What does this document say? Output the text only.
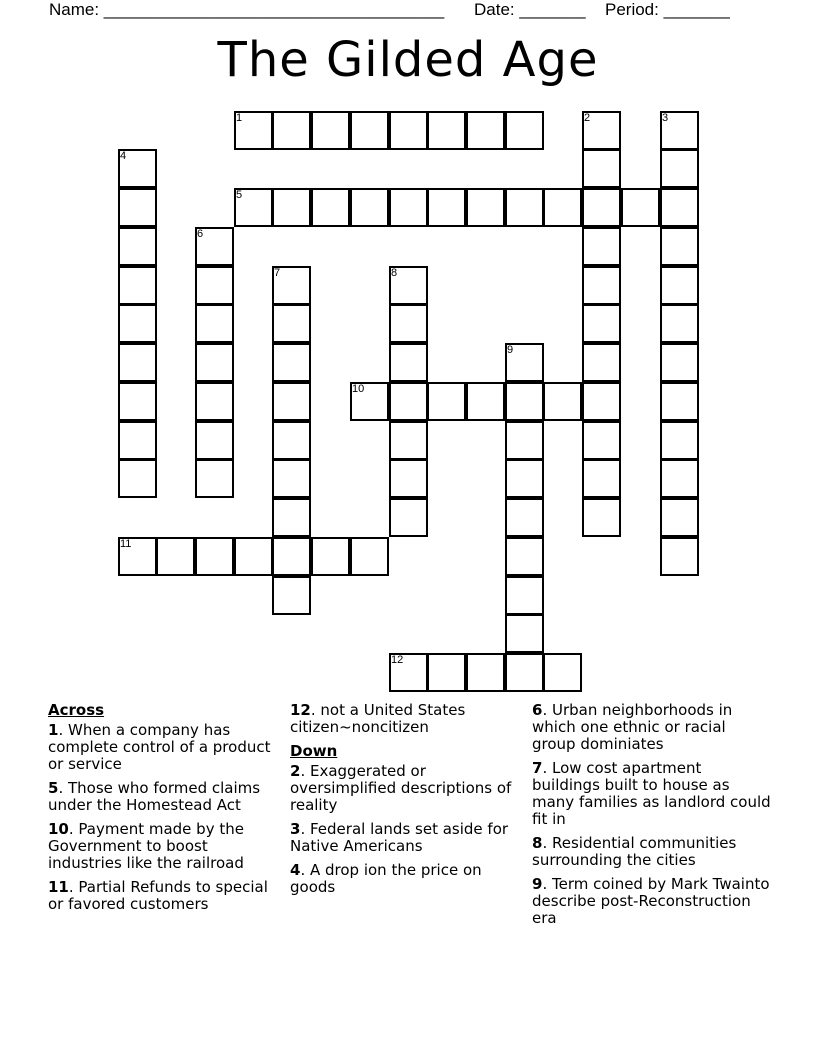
Name: ____________________________________ Date: _______ Period: _______
The Gilded Age
1	2	3
4
5
6
7	8
9
10
11
12
Across
1. When a company has complete control of a product or service
5. Those who formed claims under the Homestead Act
10. Payment made by the Government to boost industries like the railroad
11. Partial Refunds to special or favored customers
12. not a United States citizen~noncitizen
Down
2. Exaggerated or oversimplified descriptions of reality
3. Federal lands set aside for Native Americans
4. A drop ion the price on goods
6. Urban neighborhoods in which one ethnic or racial group dominiates
7. Low cost apartment buildings built to house as many families as landlord could fit in
8. Residential communities surrounding the cities
9. Term coined by Mark Twainto describe post-Reconstruction era
